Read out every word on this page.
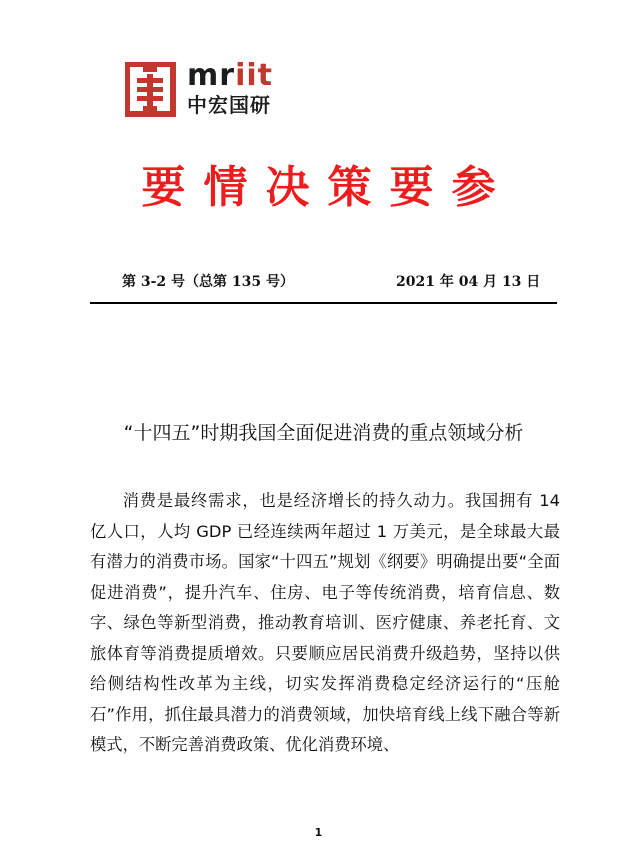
mriit
中宏国研
要情决策要参
第 3-2 号（总第 135 号）	2021 年 04 月 13 日
“十四五”时期我国全面促进消费的重点领域分析

消费是最终需求，也是经济增长的持久动力。我国拥有 14 亿人口，人均 GDP 已经连续两年超过 1 万美元，是全球最大最有潜力的消费市场。国家“十四五”规划《纲要》明确提出要“全面促进消费”，提升汽车、住房、电子等传统消费，培育信息、数字、绿色等新型消费，推动教育培训、医疗健康、养老托育、文旅体育等消费提质增效。只要顺应居民消费升级趋势，坚持以供给侧结构性改革为主线，切实发挥消费稳定经济运行的“压舱石”作用，抓住最具潜力的消费领域，加快培育线上线下融合等新模式，不断完善消费政策、优化消费环境、

1
